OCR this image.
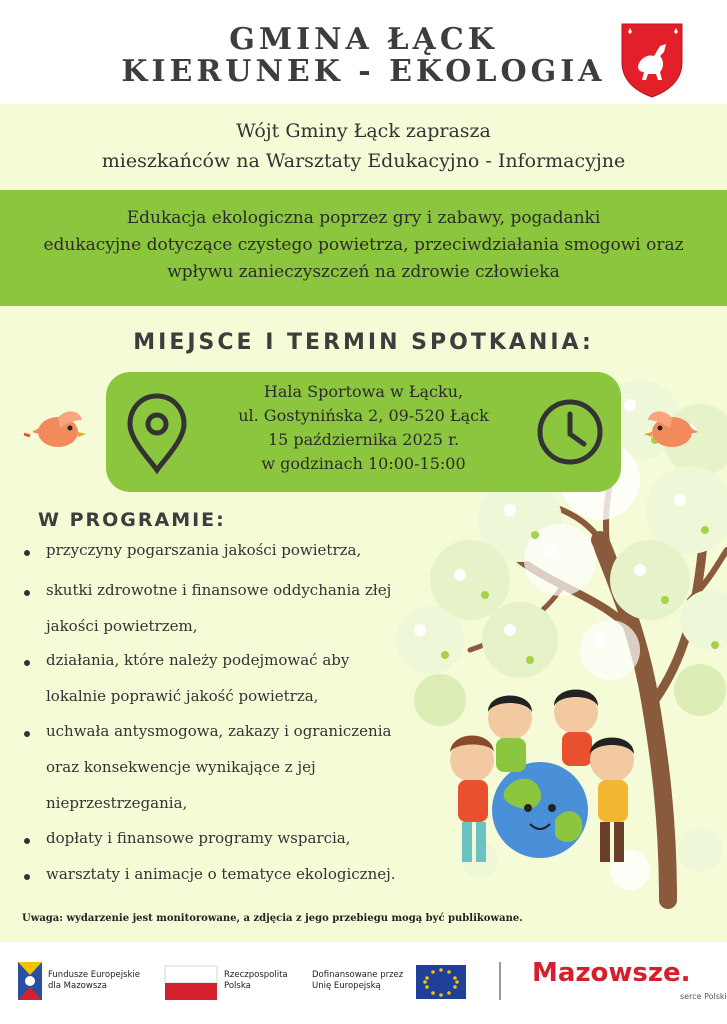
GMINA ŁĄCK
KIERUNEK - EKOLOGIA
Wójt Gminy Łąck zaprasza
mieszkańców na Warsztaty Edukacyjno - Informacyjne
Edukacja ekologiczna poprzez gry i zabawy, pogadanki
edukacyjne dotyczące czystego powietrza, przeciwdziałania smogowi oraz
wpływu zanieczyszczeń na zdrowie człowieka
MIEJSCE I TERMIN SPOTKANIA:
Hala Sportowa w Łącku,
ul. Gostynińska 2, 09-520 Łąck
15 października 2025 r.
w godzinach 10:00-15:00
W PROGRAMIE:
przyczyny pogarszania jakości powietrza,
skutki zdrowotne i finansowe oddychania złej
jakości powietrzem,
działania, które należy podejmować aby
lokalnie poprawić jakość powietrza,
uchwała antysmogowa, zakazy i ograniczenia
oraz konsekwencje wynikające z jej
nieprzestrzegania,
dopłaty i finansowe programy wsparcia,
warsztaty i animacje o tematyce ekologicznej.
Uwaga: wydarzenie jest monitorowane, a zdjęcia z jego przebiegu mogą być publikowane.
Fundusze Europejskie
dla Mazowsza
Rzeczpospolita
Polska
Dofinansowane przez
Unię Europejską	Mazowsze.
serce Polski
